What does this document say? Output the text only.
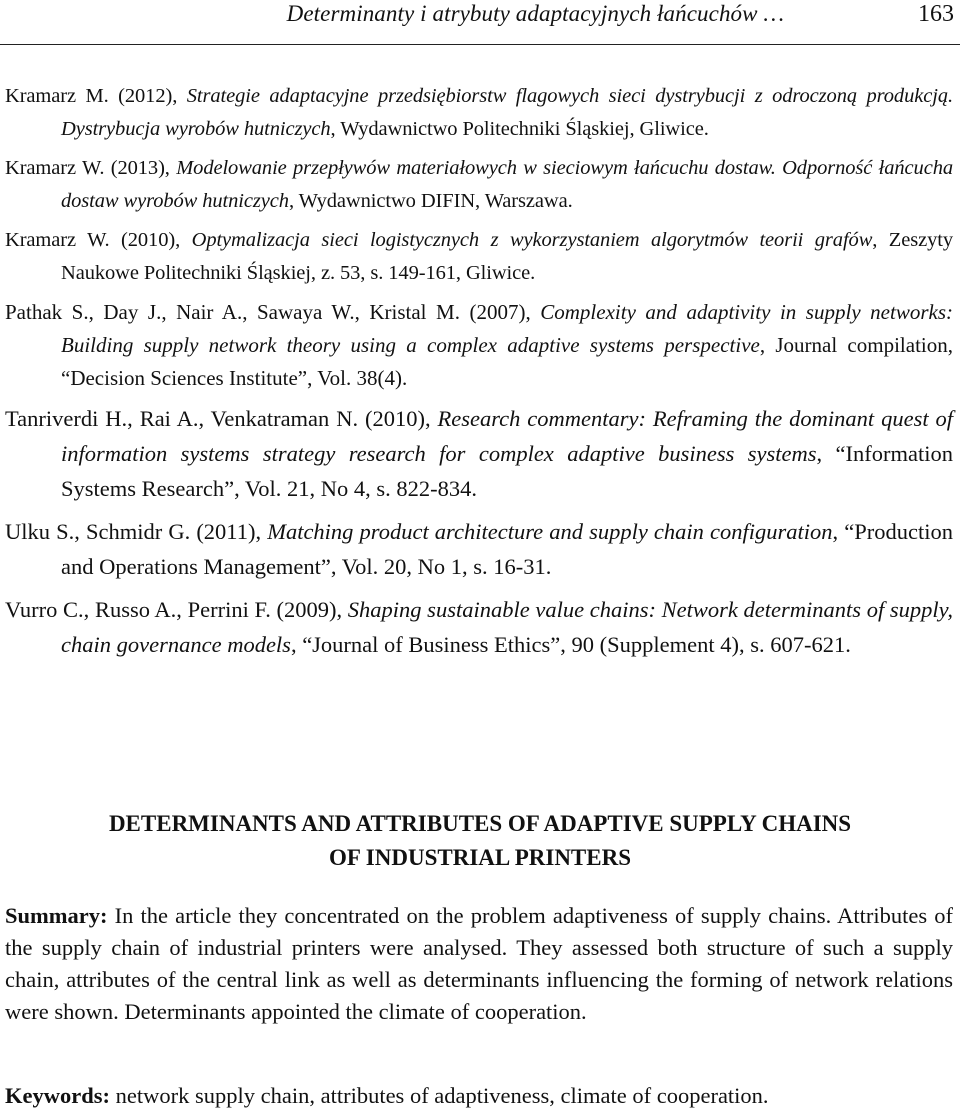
Determinanty i atrybuty adaptacyjnych łańcuchów …	163

Kramarz M. (2012), Strategie adaptacyjne przedsiębiorstw flagowych sieci dystrybucji z odroczoną produkcją. Dystrybucja wyrobów hutniczych, Wydawnictwo Politechniki Śląskiej, Gliwice.

Kramarz W. (2013), Modelowanie przepływów materiałowych w sieciowym łańcuchu dostaw. Odporność łańcucha dostaw wyrobów hutniczych, Wydawnictwo DIFIN, Warszawa.

Kramarz W. (2010), Optymalizacja sieci logistycznych z wykorzystaniem algorytmów teorii grafów, Zeszyty Naukowe Politechniki Śląskiej, z. 53, s. 149-161, Gliwice.

Pathak S., Day J., Nair A., Sawaya W., Kristal M. (2007), Complexity and adaptivity in supply networks: Building supply network theory using a complex adaptive systems perspective, Journal compilation, “Decision Sciences Institute”, Vol. 38(4).

Tanriverdi H., Rai A., Venkatraman N. (2010), Research commentary: Reframing the dominant quest of information systems strategy research for complex adaptive business systems, “Information Systems Research”, Vol. 21, No 4, s. 822-834.

Ulku S., Schmidr G. (2011), Matching product architecture and supply chain configuration, “Production and Operations Management”, Vol. 20, No 1, s. 16-31.

Vurro C., Russo A., Perrini F. (2009), Shaping sustainable value chains: Network determinants of supply, chain governance models, “Journal of Business Ethics”, 90 (Supplement 4), s. 607-621.

DETERMINANTS AND ATTRIBUTES OF ADAPTIVE SUPPLY CHAINS
OF INDUSTRIAL PRINTERS
Summary: In the article they concentrated on the problem adaptiveness of supply chains. Attributes of the supply chain of industrial printers were analysed. They assessed both structure of such a supply chain, attributes of the central link as well as determinants influencing the forming of network relations were shown. Determinants appointed the climate of cooperation.
Keywords: network supply chain, attributes of adaptiveness, climate of cooperation.
